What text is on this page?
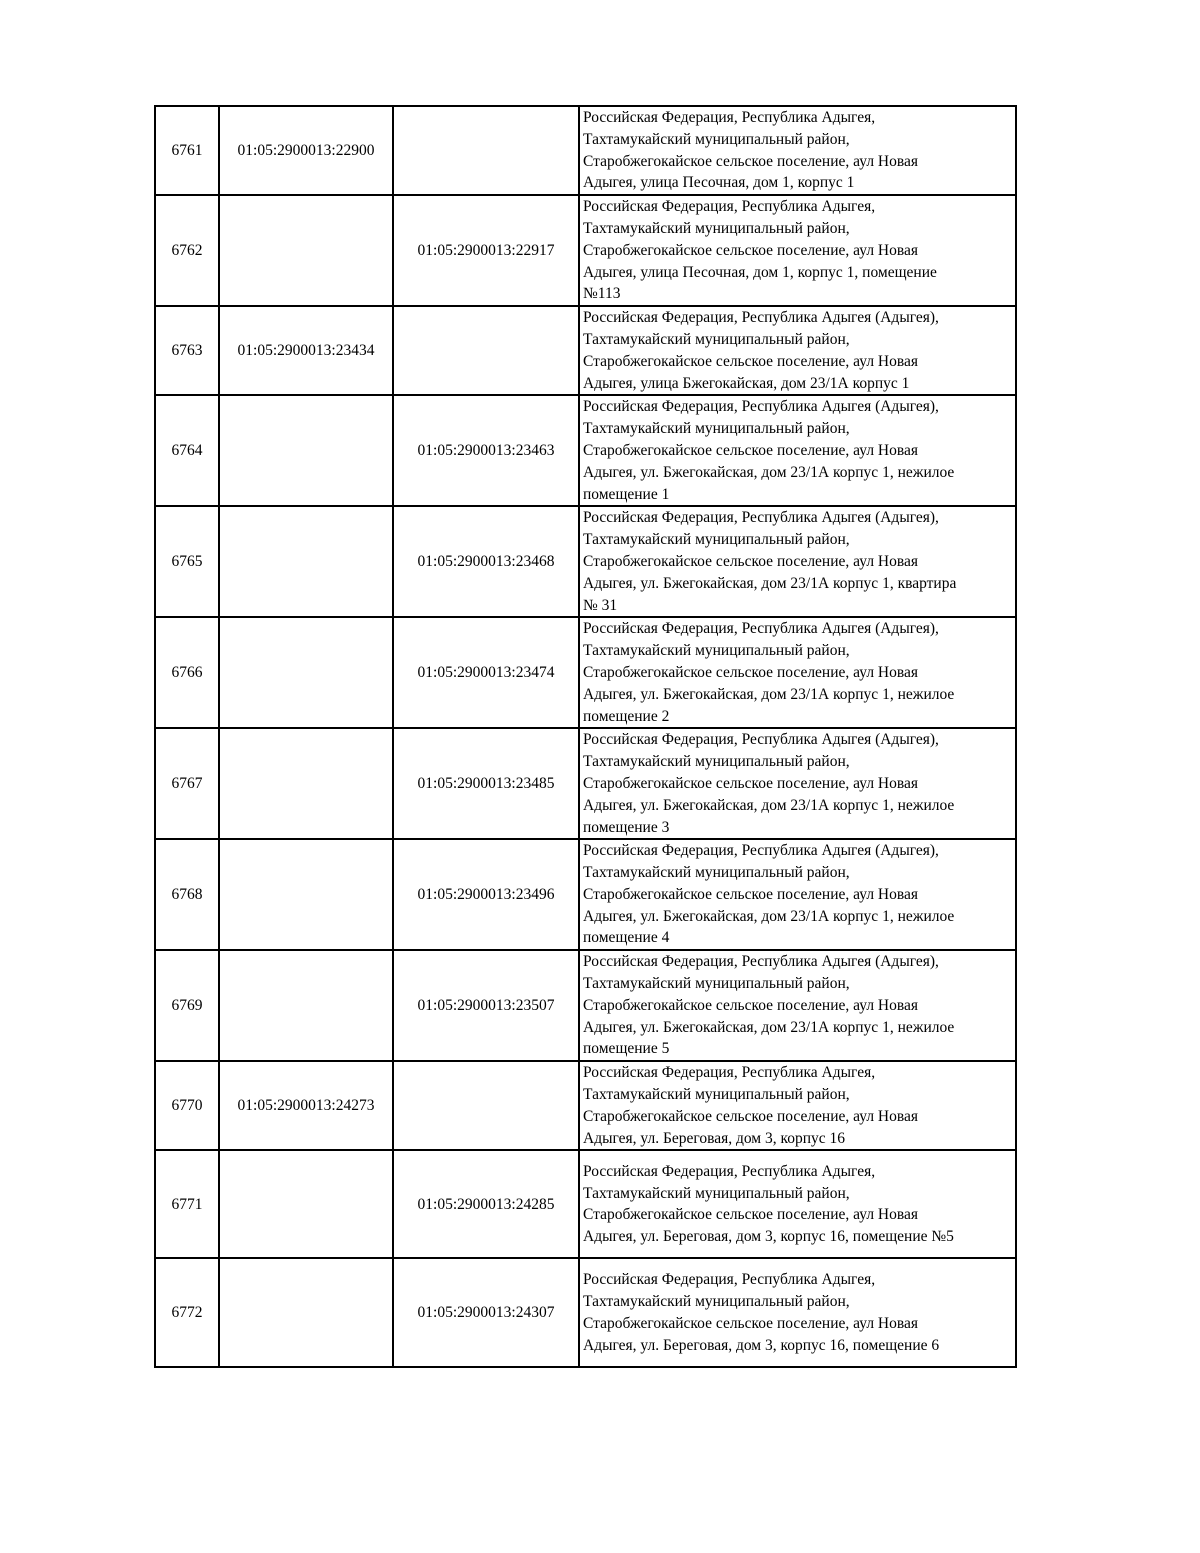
6761	01:05:2900013:22900		Российская Федерация, Республика Адыгея,
Тахтамукайский муниципальный район,
Старобжегокайское сельское поселение, аул Новая
Адыгея, улица Песочная, дом 1, корпус 1

6762		01:05:2900013:22917	Российская Федерация, Республика Адыгея,
Тахтамукайский муниципальный район,
Старобжегокайское сельское поселение, аул Новая
Адыгея, улица Песочная, дом 1, корпус 1, помещение
№113

6763	01:05:2900013:23434		Российская Федерация, Республика Адыгея (Адыгея),
Тахтамукайский муниципальный район,
Старобжегокайское сельское поселение, аул Новая
Адыгея, улица Бжегокайская, дом 23/1А корпус 1

6764		01:05:2900013:23463	Российская Федерация, Республика Адыгея (Адыгея),
Тахтамукайский муниципальный район,
Старобжегокайское сельское поселение, аул Новая
Адыгея, ул. Бжегокайская, дом 23/1А корпус 1, нежилое
помещение 1

6765		01:05:2900013:23468	Российская Федерация, Республика Адыгея (Адыгея),
Тахтамукайский муниципальный район,
Старобжегокайское сельское поселение, аул Новая
Адыгея, ул. Бжегокайская, дом 23/1А корпус 1, квартира
№ 31

6766		01:05:2900013:23474	Российская Федерация, Республика Адыгея (Адыгея),
Тахтамукайский муниципальный район,
Старобжегокайское сельское поселение, аул Новая
Адыгея, ул. Бжегокайская, дом 23/1А корпус 1, нежилое
помещение 2

6767		01:05:2900013:23485	Российская Федерация, Республика Адыгея (Адыгея),
Тахтамукайский муниципальный район,
Старобжегокайское сельское поселение, аул Новая
Адыгея, ул. Бжегокайская, дом 23/1А корпус 1, нежилое
помещение 3

6768		01:05:2900013:23496	Российская Федерация, Республика Адыгея (Адыгея),
Тахтамукайский муниципальный район,
Старобжегокайское сельское поселение, аул Новая
Адыгея, ул. Бжегокайская, дом 23/1А корпус 1, нежилое
помещение 4

6769		01:05:2900013:23507	Российская Федерация, Республика Адыгея (Адыгея),
Тахтамукайский муниципальный район,
Старобжегокайское сельское поселение, аул Новая
Адыгея, ул. Бжегокайская, дом 23/1А корпус 1, нежилое
помещение 5

6770	01:05:2900013:24273		Российская Федерация, Республика Адыгея,
Тахтамукайский муниципальный район,
Старобжегокайское сельское поселение, аул Новая
Адыгея, ул. Береговая, дом 3, корпус 16

6771		01:05:2900013:24285	Российская Федерация, Республика Адыгея,
Тахтамукайский муниципальный район,
Старобжегокайское сельское поселение, аул Новая
Адыгея, ул. Береговая, дом 3, корпус 16, помещение №5

6772		01:05:2900013:24307	Российская Федерация, Республика Адыгея,
Тахтамукайский муниципальный район,
Старобжегокайское сельское поселение, аул Новая
Адыгея, ул. Береговая, дом 3, корпус 16, помещение 6
